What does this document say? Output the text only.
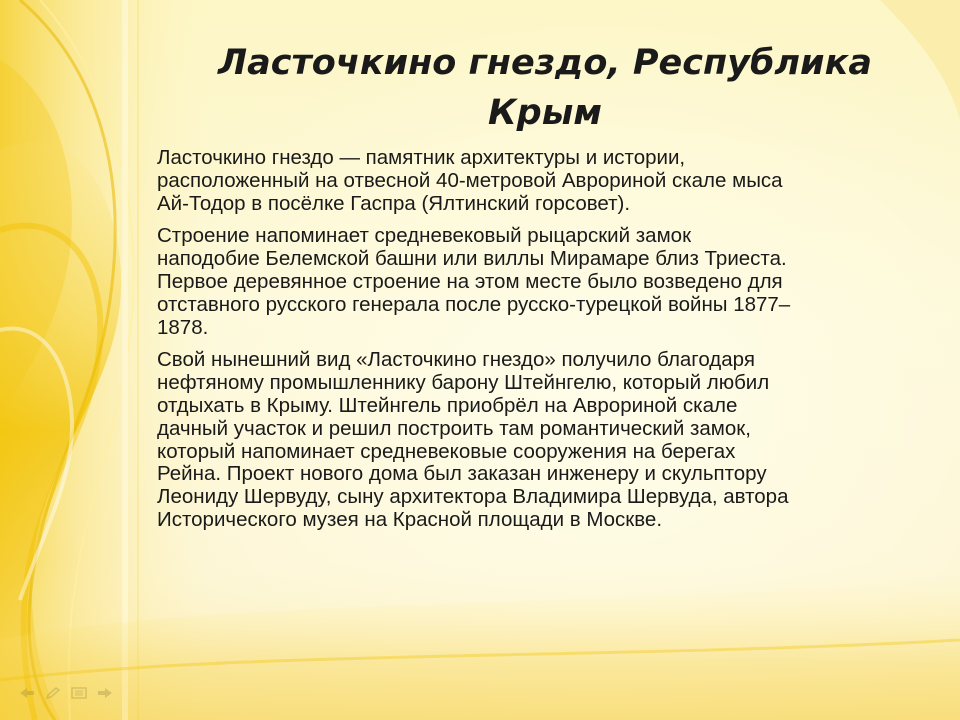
Ласточкино гнездо, Республика
Крым
Ласточкино гнездо — памятник архитектуры и истории,
расположенный на отвесной 40-метровой Аврориной скале мыса
Ай-Тодор в посёлке Гаспра (Ялтинский горсовет).
Строение напоминает средневековый рыцарский замок
наподобие Белемской башни или виллы Мирамаре близ Триеста.
Первое деревянное строение на этом месте было возведено для
отставного русского генерала после русско-турецкой войны 1877–
1878.
Свой нынешний вид «Ласточкино гнездо» получило благодаря
нефтяному промышленнику барону Штейнгелю, который любил
отдыхать в Крыму. Штейнгель приобрёл на Аврориной скале
дачный участок и решил построить там романтический замок,
который напоминает средневековые сооружения на берегах
Рейна. Проект нового дома был заказан инженеру и скульптору
Леониду Шервуду, сыну архитектора Владимира Шервуда, автора
Исторического музея на Красной площади в Москве.
